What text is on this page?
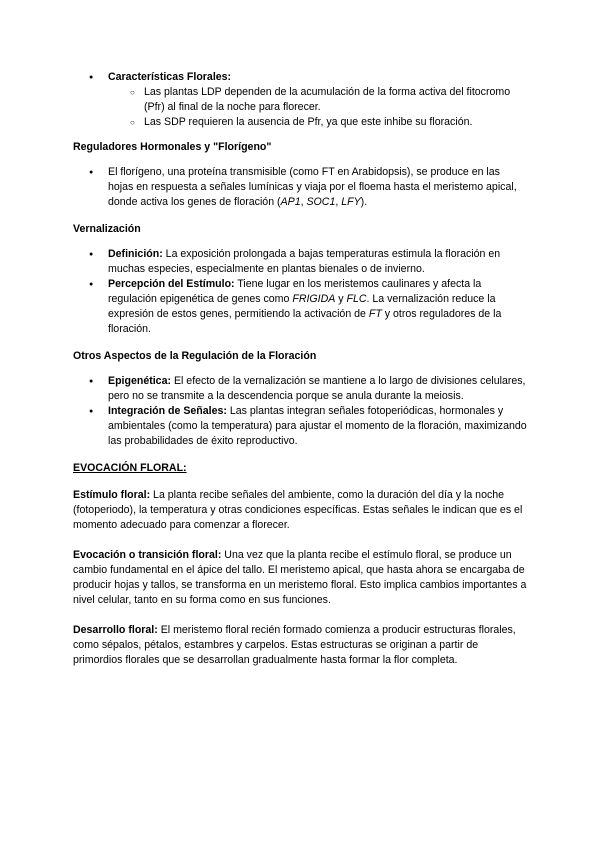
● Características Florales:
○ Las plantas LDP dependen de la acumulación de la forma activa del fitocromo (Pfr) al final de la noche para florecer.
○ Las SDP requieren la ausencia de Pfr, ya que este inhibe su floración.
Reguladores Hormonales y "Florígeno"
● El florígeno, una proteína transmisible (como FT en Arabidopsis), se produce en las hojas en respuesta a señales lumínicas y viaja por el floema hasta el meristemo apical, donde activa los genes de floración (AP1, SOC1, LFY).
Vernalización
● Definición: La exposición prolongada a bajas temperaturas estimula la floración en muchas especies, especialmente en plantas bienales o de invierno.
● Percepción del Estímulo: Tiene lugar en los meristemos caulinares y afecta la regulación epigenética de genes como FRIGIDA y FLC. La vernalización reduce la expresión de estos genes, permitiendo la activación de FT y otros reguladores de la floración.
Otros Aspectos de la Regulación de la Floración
● Epigenética: El efecto de la vernalización se mantiene a lo largo de divisiones celulares, pero no se transmite a la descendencia porque se anula durante la meiosis.
● Integración de Señales: Las plantas integran señales fotoperiódicas, hormonales y ambientales (como la temperatura) para ajustar el momento de la floración, maximizando las probabilidades de éxito reproductivo.

EVOCACIÓN FLORAL:

Estímulo floral: La planta recibe señales del ambiente, como la duración del día y la noche (fotoperiodo), la temperatura y otras condiciones específicas. Estas señales le indican que es el momento adecuado para comenzar a florecer.

Evocación o transición floral: Una vez que la planta recibe el estímulo floral, se produce un cambio fundamental en el ápice del tallo. El meristemo apical, que hasta ahora se encargaba de producir hojas y tallos, se transforma en un meristemo floral. Esto implica cambios importantes a nivel celular, tanto en su forma como en sus funciones.

Desarrollo floral: El meristemo floral recién formado comienza a producir estructuras florales, como sépalos, pétalos, estambres y carpelos. Estas estructuras se originan a partir de primordios florales que se desarrollan gradualmente hasta formar la flor completa.
